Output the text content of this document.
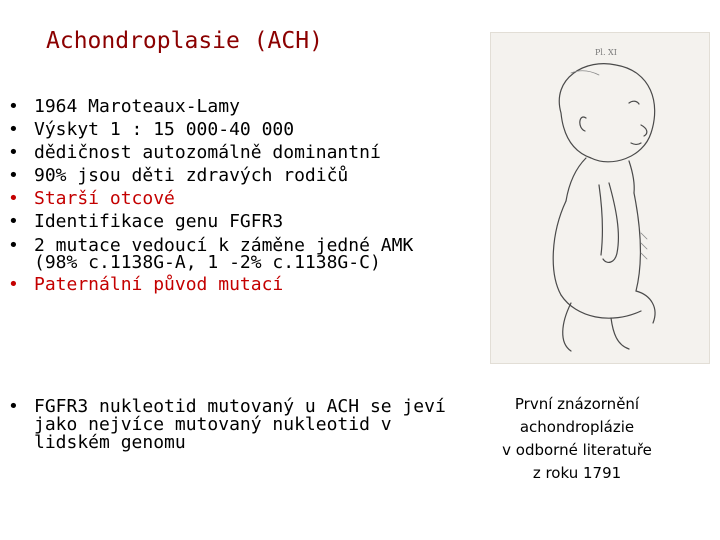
Achondroplasie (ACH)
• 1964 Maroteaux-Lamy
• Výskyt 1 : 15 000-40 000
• dědičnost autozomálně dominantní
• 90% jsou děti zdravých rodičů
• Starší otcové
• Identifikace genu FGFR3
• 2 mutace vedoucí k záměne jedné AMK (98% c.1138G-A, 1 -2% c.1138G-C)
• Paternální původ mutací
• FGFR3 nukleotid mutovaný u ACH se jeví jako nejvíce mutovaný nukleotid v lidském genomu
Pl. XI
První znázornění
achondroplázie
v odborné literatuře
z roku 1791
